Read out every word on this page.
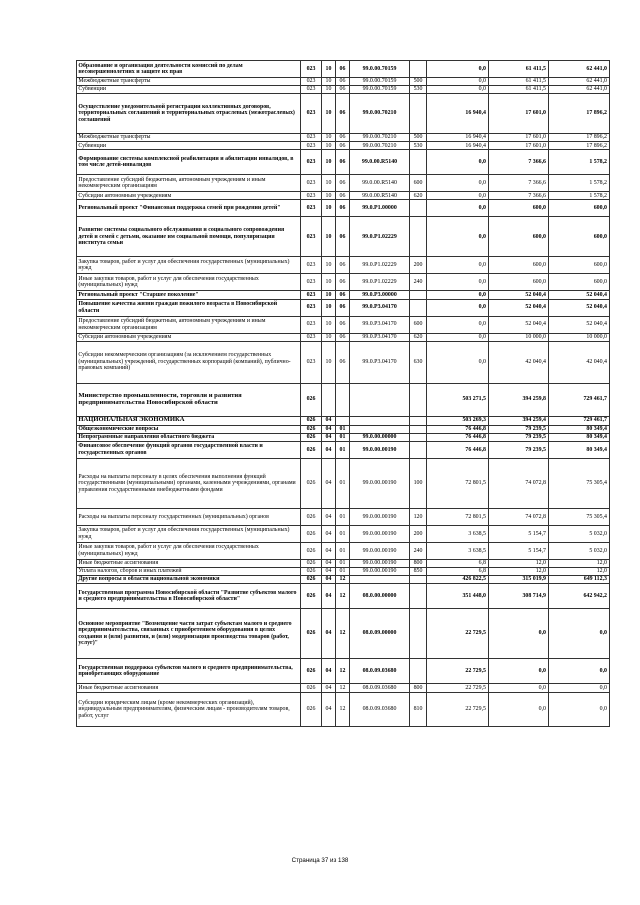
Образование и организация деятельности комиссий по делам несовершеннолетних и защите их прав	023	10	06	99.0.00.70159		0,0	61 411,5	62 441,0
Межбюджетные трансферты	023	10	06	99.0.00.70159	500	0,0	61 411,5	62 441,0
Субвенции	023	10	06	99.0.00.70159	530	0,0	61 411,5	62 441,0
Осуществление уведомительной регистрации коллективных договоров, территориальных соглашений и территориальных отраслевых (межотраслевых) соглашений	023	10	06	99.0.00.70210		16 940,4	17 601,0	17 896,2
Межбюджетные трансферты	023	10	06	99.0.00.70210	500	16 940,4	17 601,0	17 896,2
Субвенции	023	10	06	99.0.00.70210	530	16 940,4	17 601,0	17 896,2
Формирование системы комплексной реабилитации и абилитации инвалидов, в том числе детей-инвалидов	023	10	06	99.0.00.R5140		0,0	7 366,6	1 578,2
Предоставление субсидий бюджетным, автономным учреждениям и иным некоммерческим организациям	023	10	06	99.0.00.R5140	600	0,0	7 366,6	1 578,2
Субсидии автономным учреждениям	023	10	06	99.0.00.R5140	620	0,0	7 366,6	1 578,2
Региональный проект "Финансовая поддержка семей при рождении детей"	023	10	06	99.0.P1.00000		0,0	600,0	600,0
Развитие системы социального обслуживания и социального сопровождения детей и семей с детьми, оказание им социальной помощи, популяризация института семьи	023	10	06	99.0.P1.02229		0,0	600,0	600,0
Закупка товаров, работ и услуг для обеспечения государственных (муниципальных) нужд	023	10	06	99.0.P1.02229	200	0,0	600,0	600,0
Иные закупки товаров, работ и услуг для обеспечения государственных (муниципальных) нужд	023	10	06	99.0.P1.02229	240	0,0	600,0	600,0
Региональный проект "Старшее поколение"	023	10	06	99.0.P3.00000		0,0	52 040,4	52 040,4
Повышение качества жизни граждан пожилого возраста в Новосибирской области	023	10	06	99.0.P3.04170		0,0	52 040,4	52 040,4
Предоставление субсидий бюджетным, автономным учреждениям и иным некоммерческим организациям	023	10	06	99.0.P3.04170	600	0,0	52 040,4	52 040,4
Субсидии автономным учреждениям	023	10	06	99.0.P3.04170	620	0,0	10 000,0	10 000,0
Субсидии некоммерческим организациям (за исключением государственных (муниципальных) учреждений, государственных корпораций (компаний), публично-правовых компаний)	023	10	06	99.0.P3.04170	630	0,0	42 040,4	42 040,4
Министерство промышленности, торговли и развития предпринимательства Новосибирской области	026					503 271,5	394 259,8	729 461,7
НАЦИОНАЛЬНАЯ ЭКОНОМИКА	026	04				503 269,3	394 259,4	729 461,7
Общеэкономические вопросы	026	04	01			76 446,8	79 239,5	80 349,4
Непрограммные направления областного бюджета	026	04	01	99.0.00.00000		76 446,8	79 239,5	80 349,4
Финансовое обеспечение функций органов государственной власти и государственных органов	026	04	01	99.0.00.00190		76 446,8	79 239,5	80 349,4
Расходы на выплаты персоналу в целях обеспечения выполнения функций государственными (муниципальными) органами, казенными учреждениями, органами управления государственными внебюджетными фондами	026	04	01	99.0.00.00190	100	72 801,5	74 072,8	75 305,4
Расходы на выплаты персоналу государственных (муниципальных) органов	026	04	01	99.0.00.00190	120	72 801,5	74 072,8	75 305,4
Закупка товаров, работ и услуг для обеспечения государственных (муниципальных) нужд	026	04	01	99.0.00.00190	200	3 638,5	5 154,7	5 032,0
Иные закупки товаров, работ и услуг для обеспечения государственных (муниципальных) нужд	026	04	01	99.0.00.00190	240	3 638,5	5 154,7	5 032,0
Иные бюджетные ассигнования	026	04	01	99.0.00.00190	800	6,8	12,0	12,0
Уплата налогов, сборов и иных платежей	026	04	01	99.0.00.00190	850	6,8	12,0	12,0
Другие вопросы в области национальной экономики	026	04	12			426 822,5	315 019,9	649 112,3
Государственная программа Новосибирской области "Развитие субъектов малого и среднего предпринимательства в Новосибирской области"	026	04	12	08.0.00.00000		351 448,0	308 714,9	642 942,2
Основное мероприятие "Возмещение части затрат субъектам малого и среднего предпринимательства, связанных с приобретением оборудования в целях создания и (или) развития, и (или) модернизации производства товаров (работ, услуг)"	026	04	12	08.0.09.00000		22 729,5	0,0	0,0
Государственная поддержка субъектов малого и среднего предпринимательства, приобретающих оборудование	026	04	12	08.0.09.03680		22 729,5	0,0	0,0
Иные бюджетные ассигнования	026	04	12	08.0.09.03680	800	22 729,5	0,0	0,0
Субсидии юридическим лицам (кроме некоммерческих организаций), индивидуальным предпринимателям, физическим лицам - производителям товаров, работ, услуг	026	04	12	08.0.09.03680	810	22 729,5	0,0	0,0
Страница 37 из 138
